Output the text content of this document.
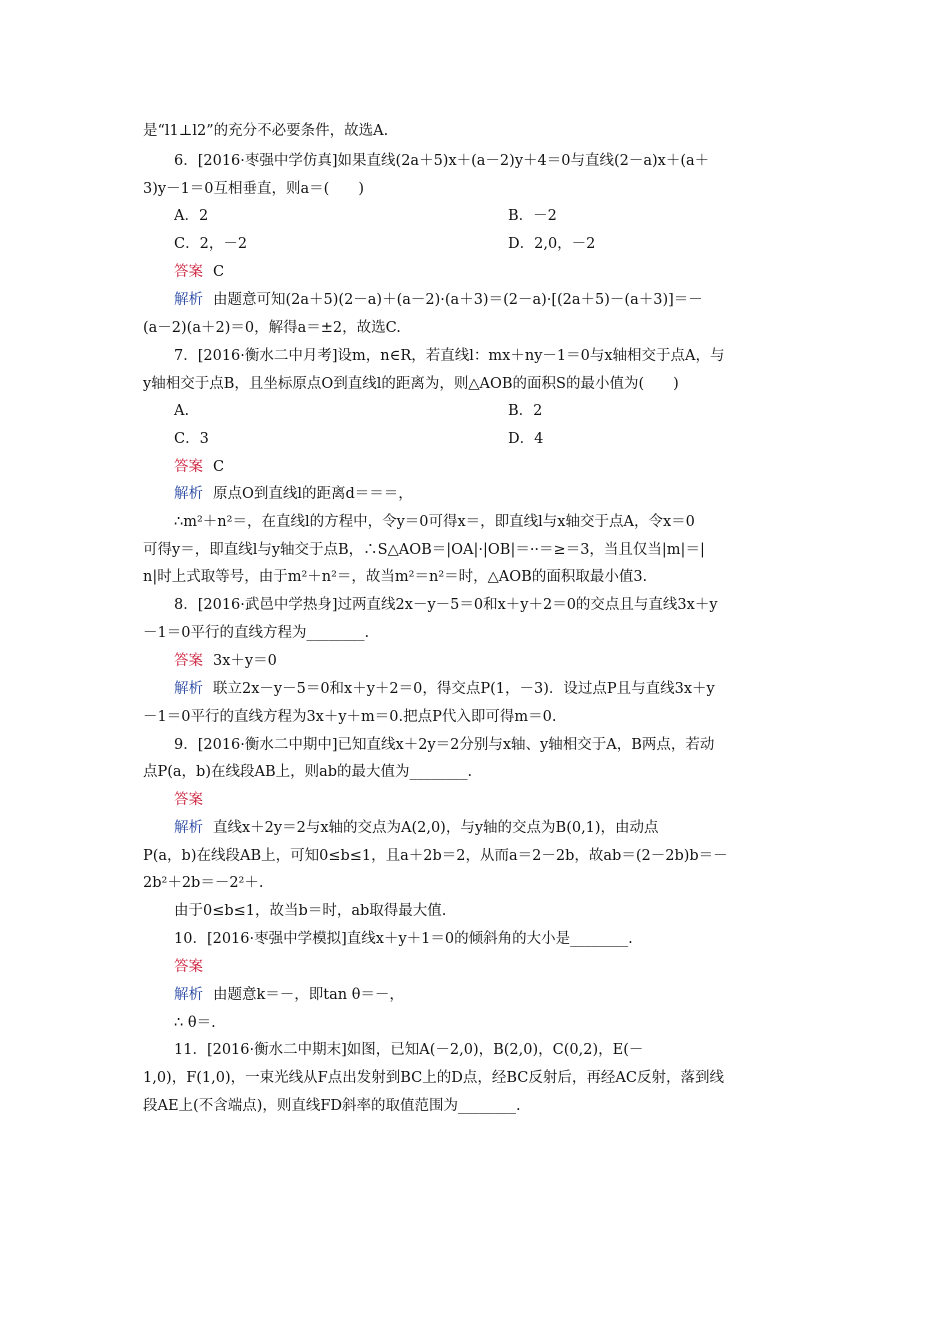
是“l1⊥l2”的充分不必要条件，故选A.
6．[2016·枣强中学仿真]如果直线(2a＋5)x＋(a－2)y＋4＝0与直线(2－a)x＋(a＋
3)y－1＝0互相垂直，则a＝(　　)
A．2	B．－2
C．2，－2	D．2,0，－2
答案 C
解析 由题意可知(2a＋5)(2－a)＋(a－2)·(a＋3)＝(2－a)·[(2a＋5)－(a＋3)]＝－
(a－2)(a＋2)＝0，解得a＝±2，故选C.
7．[2016·衡水二中月考]设m，n∈R，若直线l：mx＋ny－1＝0与x轴相交于点A，与
y轴相交于点B，且坐标原点O到直线l的距离为，则△AOB的面积S的最小值为(　　)
A.	B．2
C．3	D．4
答案 C
解析 原点O到直线l的距离d＝＝＝，
∴m²＋n²＝，在直线l的方程中，令y＝0可得x＝，即直线l与x轴交于点A，令x＝0
可得y＝，即直线l与y轴交于点B，∴S△AOB＝|OA|·|OB|＝··＝≥＝3，当且仅当|m|＝|
n|时上式取等号，由于m²＋n²＝，故当m²＝n²＝时，△AOB的面积取最小值3.
8．[2016·武邑中学热身]过两直线2x－y－5＝0和x＋y＋2＝0的交点且与直线3x＋y
－1＝0平行的直线方程为________.
答案 3x＋y＝0
解析 联立2x－y－5＝0和x＋y＋2＝0，得交点P(1，－3)．设过点P且与直线3x＋y
－1＝0平行的直线方程为3x＋y＋m＝0.把点P代入即可得m＝0.
9．[2016·衡水二中期中]已知直线x＋2y＝2分别与x轴、y轴相交于A，B两点，若动
点P(a，b)在线段AB上，则ab的最大值为________.
答案
解析 直线x＋2y＝2与x轴的交点为A(2,0)，与y轴的交点为B(0,1)，由动点
P(a，b)在线段AB上，可知0≤b≤1，且a＋2b＝2，从而a＝2－2b，故ab＝(2－2b)b＝－
2b²＋2b＝－2²＋.
由于0≤b≤1，故当b＝时，ab取得最大值.
10．[2016·枣强中学模拟]直线x＋y＋1＝0的倾斜角的大小是________.
答案
解析 由题意k＝－，即tan θ＝－，
∴ θ＝.
11．[2016·衡水二中期末]如图，已知A(－2,0)，B(2,0)，C(0,2)，E(－
1,0)，F(1,0)，一束光线从F点出发射到BC上的D点，经BC反射后，再经AC反射，落到线
段AE上(不含端点)，则直线FD斜率的取值范围为________.
